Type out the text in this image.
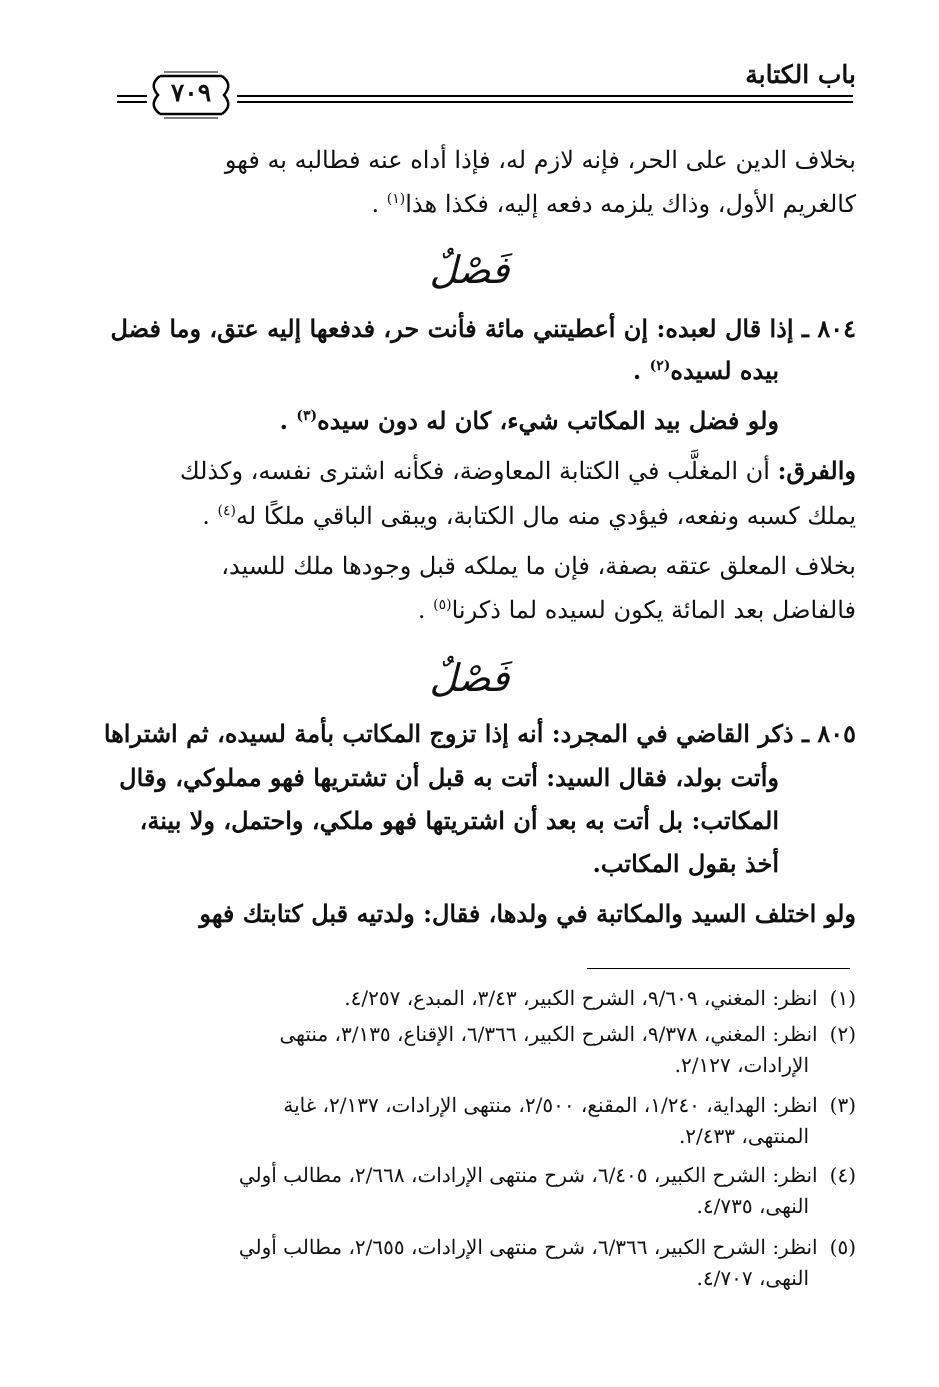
باب الكتابة
٧٠٩
بخلاف الدين على الحر، فإنه لازم له، فإذا أداه عنه فطالبه به فهو
كالغريم الأول، وذاك يلزمه دفعه إليه، فكذا هذا$^{(١)}$ .
فَصْلٌ
٨٠٤ ـ إذا قال لعبده: إن أعطيتني مائة فأنت حر، فدفعها إليه عتق، وما فضل
بيده لسيده$^{(٢)}$ .
ولو فضل بيد المكاتب شيء، كان له دون سيده$^{(٣)}$ .
والفرق: أن المغلَّب في الكتابة المعاوضة، فكأنه اشترى نفسه، وكذلك
يملك كسبه ونفعه، فيؤدي منه مال الكتابة، ويبقى الباقي ملكًا له$^{(٤)}$ .
بخلاف المعلق عتقه بصفة، فإن ما يملكه قبل وجودها ملك للسيد،
فالفاضل بعد المائة يكون لسيده لما ذكرنا$^{(٥)}$ .
فَصْلٌ
٨٠٥ ـ ذكر القاضي في المجرد: أنه إذا تزوج المكاتب بأمة لسيده، ثم اشتراها
وأتت بولد، فقال السيد: أتت به قبل أن تشتريها فهو مملوكي، وقال
المكاتب: بل أتت به بعد أن اشتريتها فهو ملكي، واحتمل، ولا بينة،
أخذ بقول المكاتب.
ولو اختلف السيد والمكاتبة في ولدها، فقال: ولدتيه قبل كتابتك فهو
(١)انظر: المغني، ٩/٦٠٩، الشرح الكبير، ٣/٤٣، المبدع، ٤/٢٥٧.
(٢)انظر: المغني، ٩/٣٧٨، الشرح الكبير، ٦/٣٦٦، الإقناع، ٣/١٣٥، منتهى
الإرادات، ٢/١٢٧.
(٣)انظر: الهداية، ١/٢٤٠، المقنع، ٢/٥٠٠، منتهى الإرادات، ٢/١٣٧، غاية
المنتهى، ٢/٤٣٣.
(٤)انظر: الشرح الكبير، ٦/٤٠٥، شرح منتهى الإرادات، ٢/٦٦٨، مطالب أولي
النهى، ٤/٧٣٥.
(٥)انظر: الشرح الكبير، ٦/٣٦٦، شرح منتهى الإرادات، ٢/٦٥٥، مطالب أولي
النهى، ٤/٧٠٧.
